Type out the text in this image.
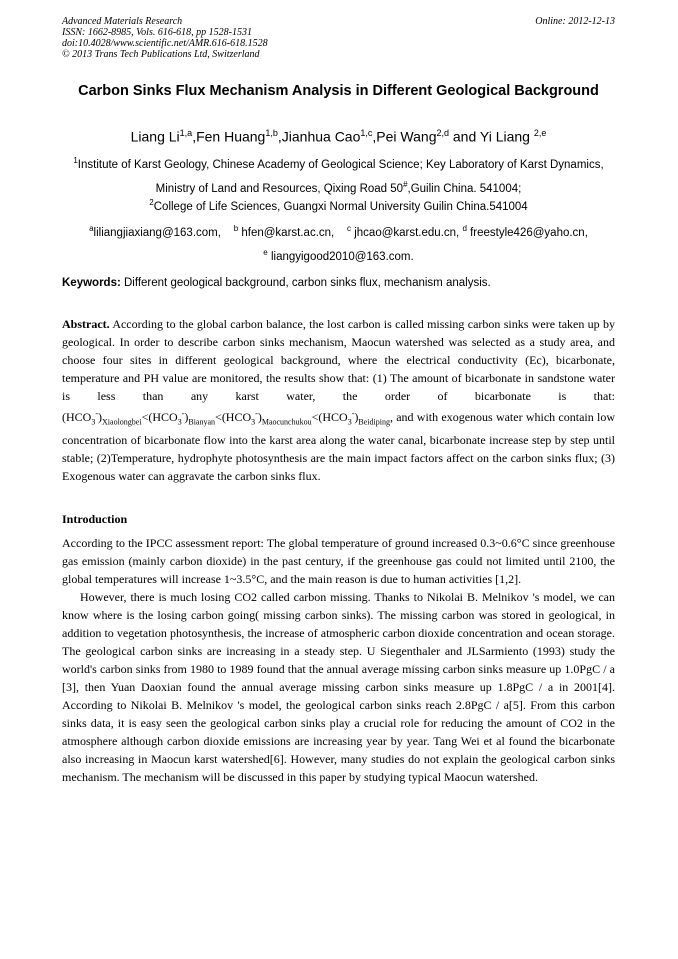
Advanced Materials Research
ISSN: 1662-8985, Vols. 616-618, pp 1528-1531
doi:10.4028/www.scientific.net/AMR.616-618.1528
© 2013 Trans Tech Publications Ltd, Switzerland
Online: 2012-12-13
Carbon Sinks Flux Mechanism Analysis in Different Geological Background
Liang Li$^{1,a}$,Fen Huang$^{1,b}$,Jianhua Cao$^{1,c}$,Pei Wang$^{2,d}$ and Yi Liang $^{2,e}$
$^1$Institute of Karst Geology, Chinese Academy of Geological Science; Key Laboratory of Karst Dynamics, Ministry of Land and Resources, Qixing Road 50#,Guilin China. 541004;
$^2$College of Life Sciences, Guangxi Normal University Guilin China.541004
$^a$liliangjiaxiang@163.com, $^b$ hfen@karst.ac.cn, $^c$ jhcao@karst.edu.cn, $^d$ freestyle426@yaho.cn,
$^e$ liangyigood2010@163.com.
Keywords: Different geological background, carbon sinks flux, mechanism analysis.
Abstract. According to the global carbon balance, the lost carbon is called missing carbon sinks were taken up by geological. In order to describe carbon sinks mechanism, Maocun watershed was selected as a study area, and choose four sites in different geological background, where the electrical conductivity (Ec), bicarbonate, temperature and PH value are monitored, the results show that: (1) The amount of bicarbonate in sandstone water is less than any karst water, the order of bicarbonate is that: $(HCO_3^-)_{Xiaolongbei}<(HCO_3^-)_{Bianyan}<(HCO_3^-)_{Maocunchukou}<(HCO_3^-)_{Beidiping}$, and with exogenous water which contain low concentration of bicarbonate flow into the karst area along the water canal, bicarbonate increase step by step until stable; (2)Temperature, hydrophyte photosynthesis are the main impact factors affect on the carbon sinks flux; (3) Exogenous water can aggravate the carbon sinks flux.
Introduction

According to the IPCC assessment report: The global temperature of ground increased 0.3~0.6°C since greenhouse gas emission (mainly carbon dioxide) in the past century, if the greenhouse gas could not limited until 2100, the global temperatures will increase 1~3.5°C, and the main reason is due to human activities [1,2].

However, there is much losing CO2 called carbon missing. Thanks to Nikolai B. Melnikov 's model, we can know where is the losing carbon going( missing carbon sinks). The missing carbon was stored in geological, in addition to vegetation photosynthesis, the increase of atmospheric carbon dioxide concentration and ocean storage. The geological carbon sinks are increasing in a steady step. U Siegenthaler and JLSarmiento (1993) study the world's carbon sinks from 1980 to 1989 found that the annual average missing carbon sinks measure up 1.0PgC / a [3], then Yuan Daoxian found the annual average missing carbon sinks measure up 1.8PgC / a in 2001[4]. According to Nikolai B. Melnikov 's model, the geological carbon sinks reach 2.8PgC / a[5]. From this carbon sinks data, it is easy seen the geological carbon sinks play a crucial role for reducing the amount of CO2 in the atmosphere although carbon dioxide emissions are increasing year by year. Tang Wei et al found the bicarbonate also increasing in Maocun karst watershed[6]. However, many studies do not explain the geological carbon sinks mechanism. The mechanism will be discussed in this paper by studying typical Maocun watershed.
